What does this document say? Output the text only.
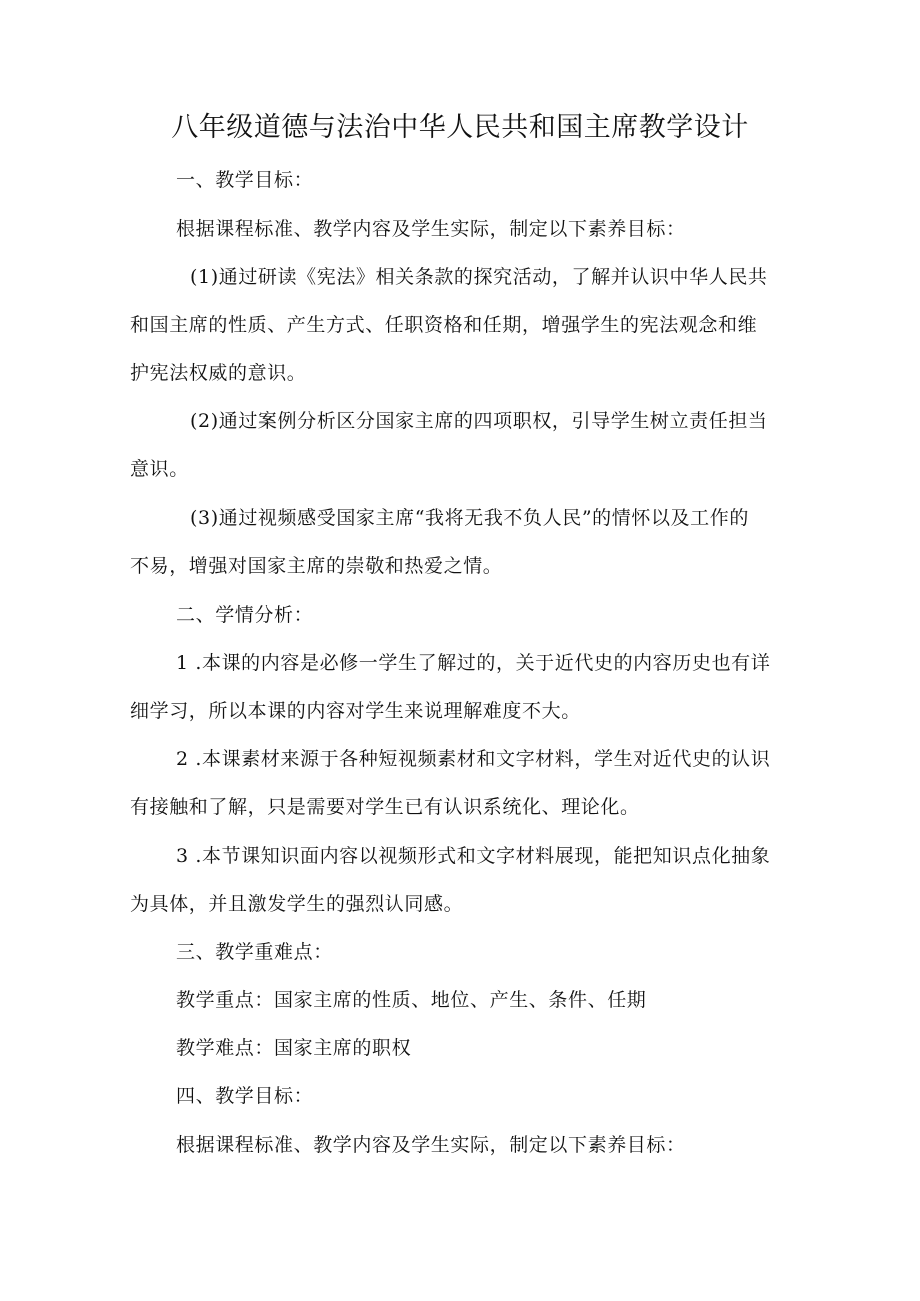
八年级道德与法治中华人民共和国主席教学设计
一、教学目标：
根据课程标准、教学内容及学生实际，制定以下素养目标：
(1)通过研读《宪法》相关条款的探究活动，了解并认识中华人民共
和国主席的性质、产生方式、任职资格和任期，增强学生的宪法观念和维
护宪法权威的意识。
(2)通过案例分析区分国家主席的四项职权，引导学生树立责任担当
意识。
(3)通过视频感受国家主席“我将无我不负人民”的情怀以及工作的
不易，增强对国家主席的崇敬和热爱之情。
二、学情分析：
1 .本课的内容是必修一学生了解过的，关于近代史的内容历史也有详
细学习，所以本课的内容对学生来说理解难度不大。
2 .本课素材来源于各种短视频素材和文字材料，学生对近代史的认识
有接触和了解，只是需要对学生已有认识系统化、理论化。
3 .本节课知识面内容以视频形式和文字材料展现，能把知识点化抽象
为具体，并且激发学生的强烈认同感。
三、教学重难点：
教学重点：国家主席的性质、地位、产生、条件、任期
教学难点：国家主席的职权
四、教学目标：
根据课程标准、教学内容及学生实际，制定以下素养目标：
